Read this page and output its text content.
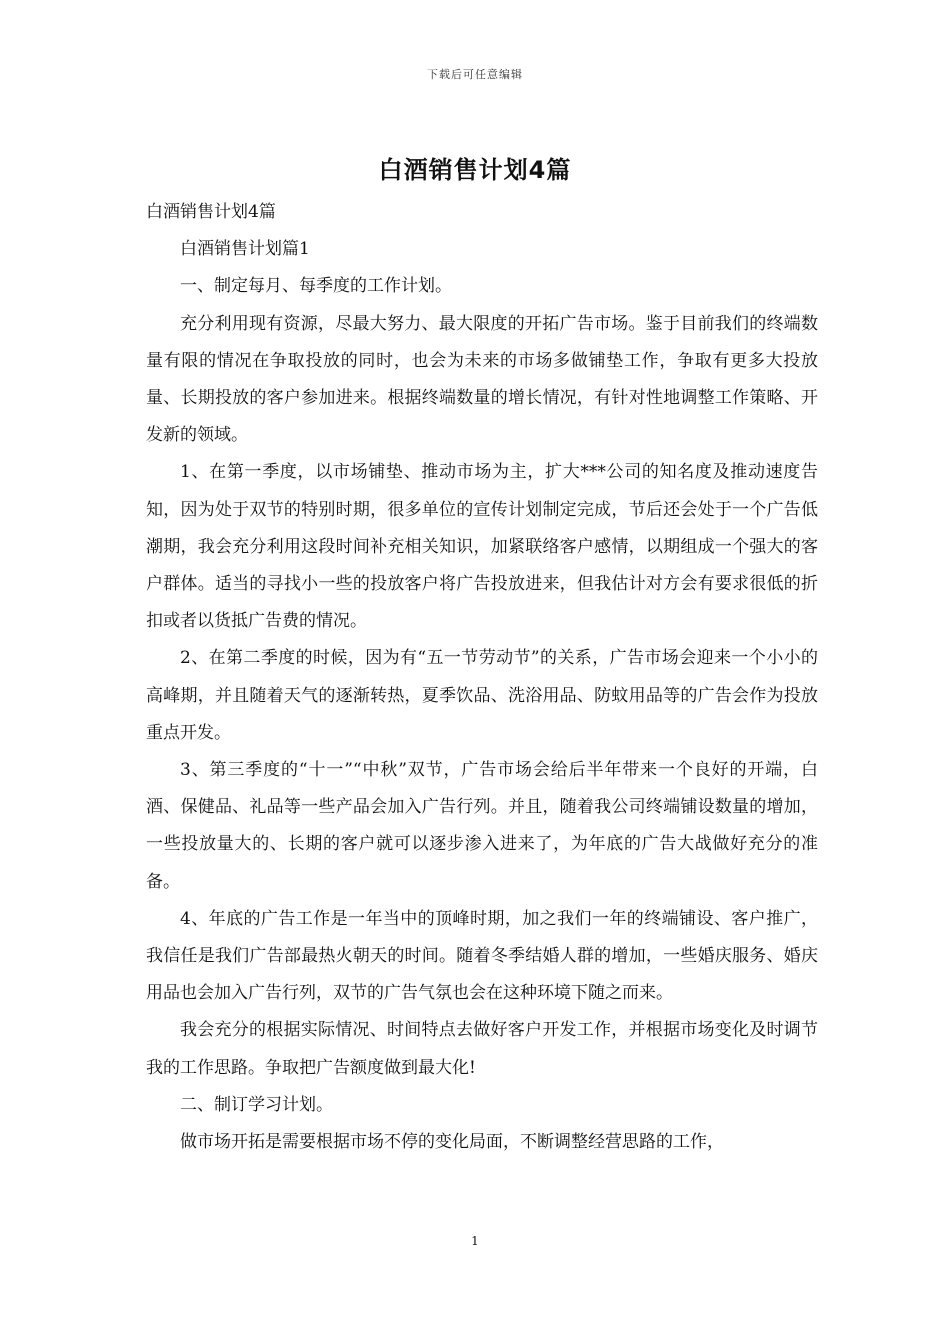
下载后可任意编辑
白酒销售计划4篇

白酒销售计划4篇

白酒销售计划篇1

一、制定每月、每季度的工作计划。

充分利用现有资源，尽最大努力、最大限度的开拓广告市场。鉴于目前我们的终端数量有限的情况在争取投放的同时，也会为未来的市场多做铺垫工作，争取有更多大投放量、长期投放的客户参加进来。根据终端数量的增长情况，有针对性地调整工作策略、开发新的领域。

1、在第一季度，以市场铺垫、推动市场为主，扩大***公司的知名度及推动速度告知，因为处于双节的特别时期，很多单位的宣传计划制定完成，节后还会处于一个广告低潮期，我会充分利用这段时间补充相关知识，加紧联络客户感情，以期组成一个强大的客户群体。适当的寻找小一些的投放客户将广告投放进来，但我估计对方会有要求很低的折扣或者以货抵广告费的情况。

2、在第二季度的时候，因为有“五一节劳动节”的关系，广告市场会迎来一个小小的高峰期，并且随着天气的逐渐转热，夏季饮品、洗浴用品、防蚊用品等的广告会作为投放重点开发。

3、第三季度的“十一”“中秋”双节，广告市场会给后半年带来一个良好的开端，白酒、保健品、礼品等一些产品会加入广告行列。并且，随着我公司终端铺设数量的增加，一些投放量大的、长期的客户就可以逐步渗入进来了，为年底的广告大战做好充分的准备。

4、年底的广告工作是一年当中的顶峰时期，加之我们一年的终端铺设、客户推广，我信任是我们广告部最热火朝天的时间。随着冬季结婚人群的增加，一些婚庆服务、婚庆用品也会加入广告行列，双节的广告气氛也会在这种环境下随之而来。

我会充分的根据实际情况、时间特点去做好客户开发工作，并根据市场变化及时调节我的工作思路。争取把广告额度做到最大化!

二、制订学习计划。

做市场开拓是需要根据市场不停的变化局面，不断调整经营思路的工作，

1
